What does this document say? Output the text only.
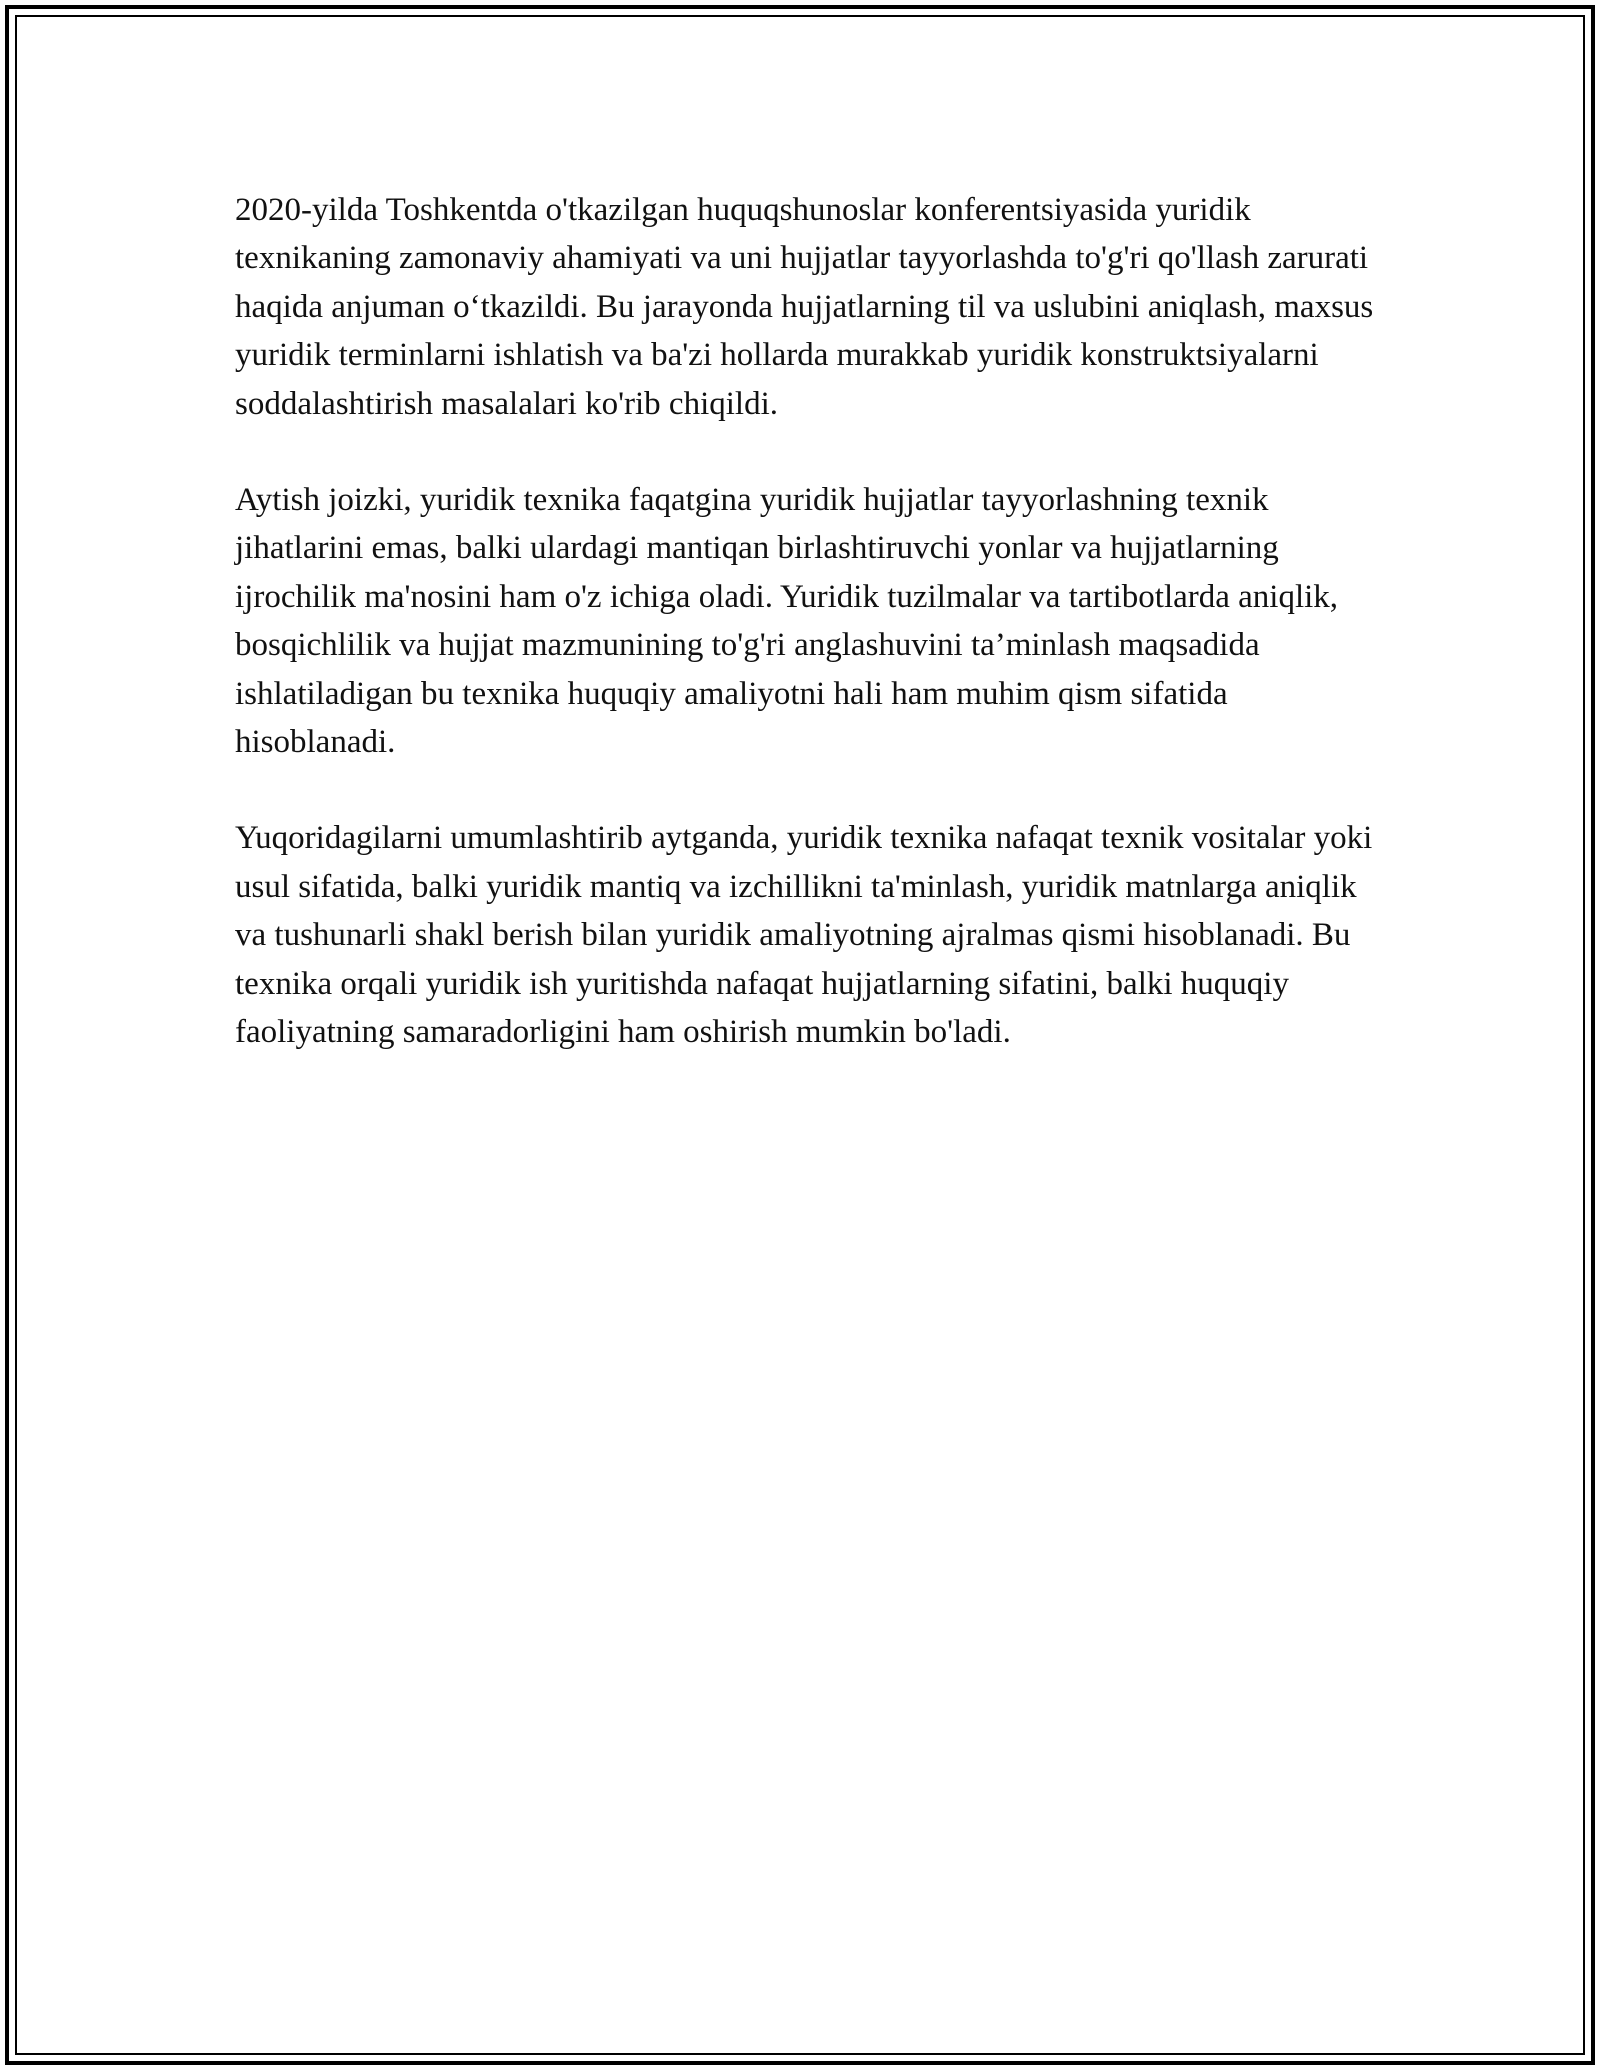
2020-yilda Toshkentda o'tkazilgan huquqshunoslar konferentsiyasida yuridik texnikaning zamonaviy ahamiyati va uni hujjatlar tayyorlashda to'g'ri qo'llash zarurati haqida anjuman o‘tkazildi. Bu jarayonda hujjatlarning til va uslubini aniqlash, maxsus yuridik terminlarni ishlatish va ba'zi hollarda murakkab yuridik konstruktsiyalarni soddalashtirish masalalari ko'rib chiqildi.

Aytish joizki, yuridik texnika faqatgina yuridik hujjatlar tayyorlashning texnik jihatlarini emas, balki ulardagi mantiqan birlashtiruvchi yonlar va hujjatlarning ijrochilik ma'nosini ham o'z ichiga oladi. Yuridik tuzilmalar va tartibotlarda aniqlik, bosqichlilik va hujjat mazmunining to'g'ri anglashuvini ta’minlash maqsadida ishlatiladigan bu texnika huquqiy amaliyotni hali ham muhim qism sifatida hisoblanadi.

Yuqoridagilarni umumlashtirib aytganda, yuridik texnika nafaqat texnik vositalar yoki usul sifatida, balki yuridik mantiq va izchillikni ta'minlash, yuridik matnlarga aniqlik va tushunarli shakl berish bilan yuridik amaliyotning ajralmas qismi hisoblanadi. Bu texnika orqali yuridik ish yuritishda nafaqat hujjatlarning sifatini, balki huquqiy faoliyatning samaradorligini ham oshirish mumkin bo'ladi.
